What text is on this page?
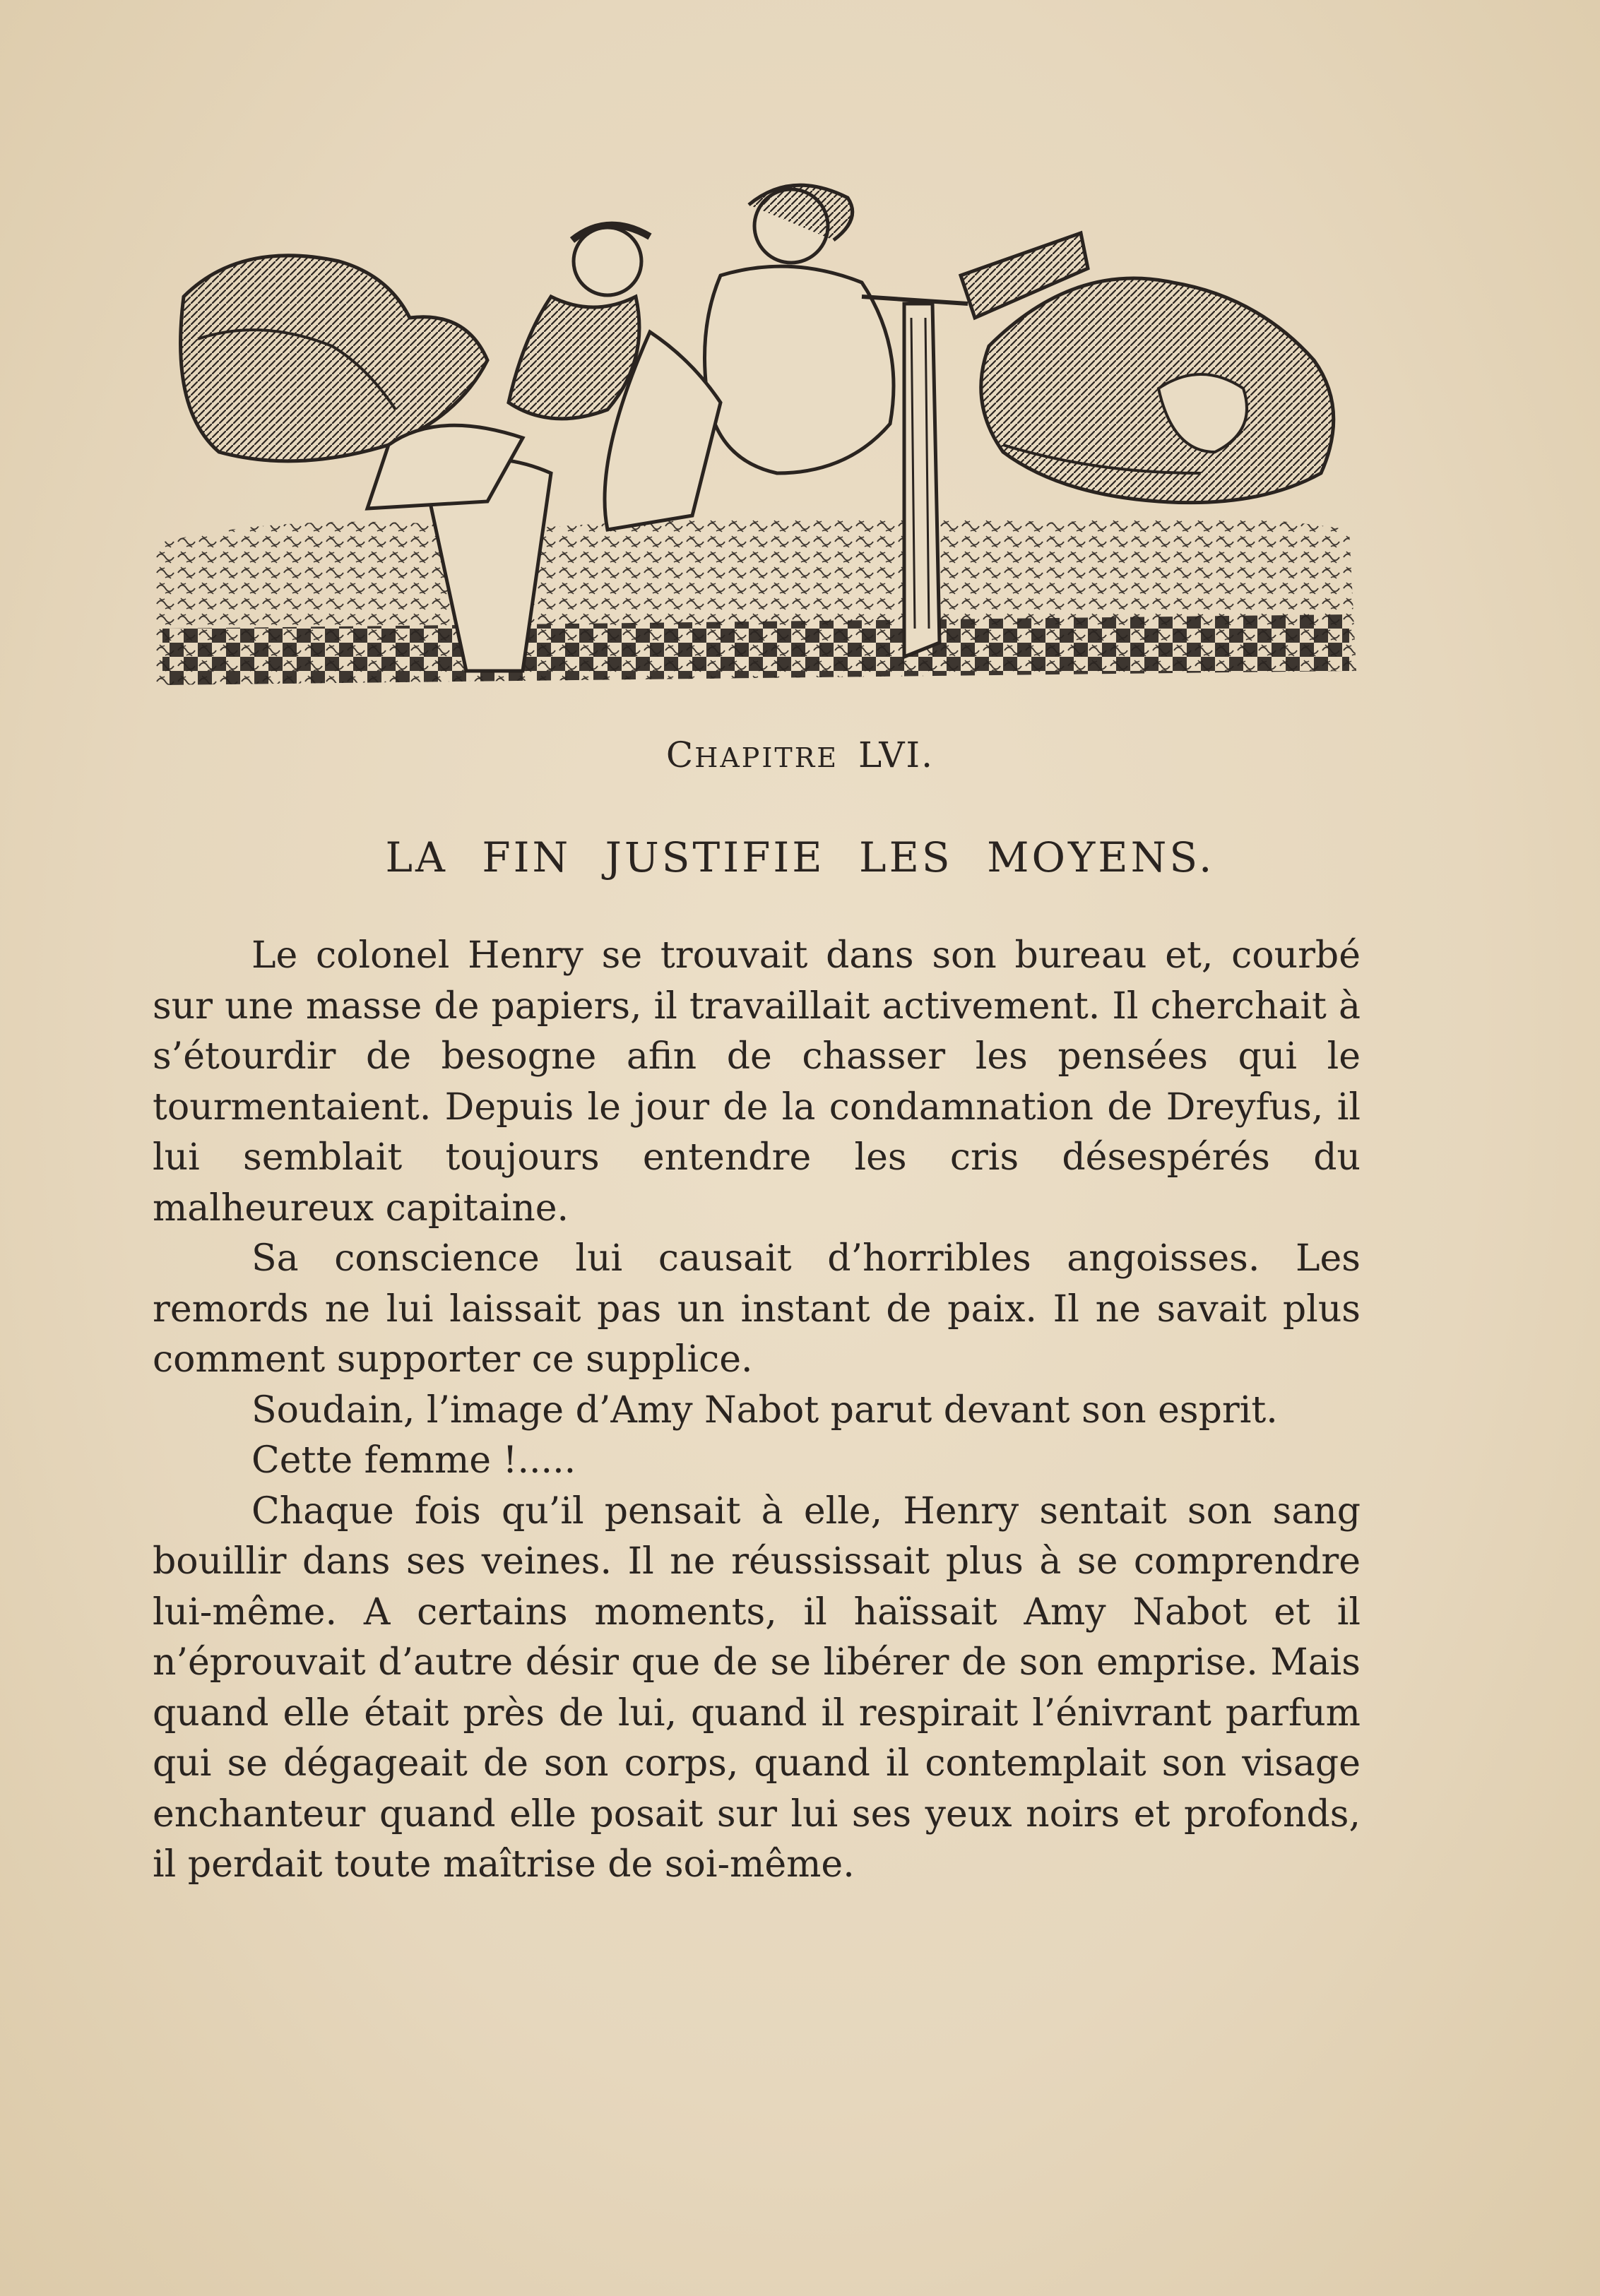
CHAPITRE LVI.
LA FIN JUSTIFIE LES MOYENS.

Le colonel Henry se trouvait dans son bureau et, courbé sur une masse de papiers, il travaillait activement. Il cherchait à s’étourdir de besogne afin de chasser les pensées qui le tourmentaient. Depuis le jour de la condamnation de Dreyfus, il lui semblait toujours entendre les cris désespérés du malheureux capitaine.

Sa conscience lui causait d’horribles angoisses. Les remords ne lui laissait pas un instant de paix. Il ne savait plus comment supporter ce supplice.

Soudain, l’image d’Amy Nabot parut devant son esprit.

Cette femme !.....

Chaque fois qu’il pensait à elle, Henry sentait son sang bouillir dans ses veines. Il ne réussissait plus à se comprendre lui-même. A certains moments, il haïssait Amy Nabot et il n’éprouvait d’autre désir que de se libérer de son emprise. Mais quand elle était près de lui, quand il respirait l’énivrant parfum qui se dégageait de son corps, quand il contemplait son visage enchanteur quand elle posait sur lui ses yeux noirs et profonds, il perdait toute maîtrise de soi-même.
